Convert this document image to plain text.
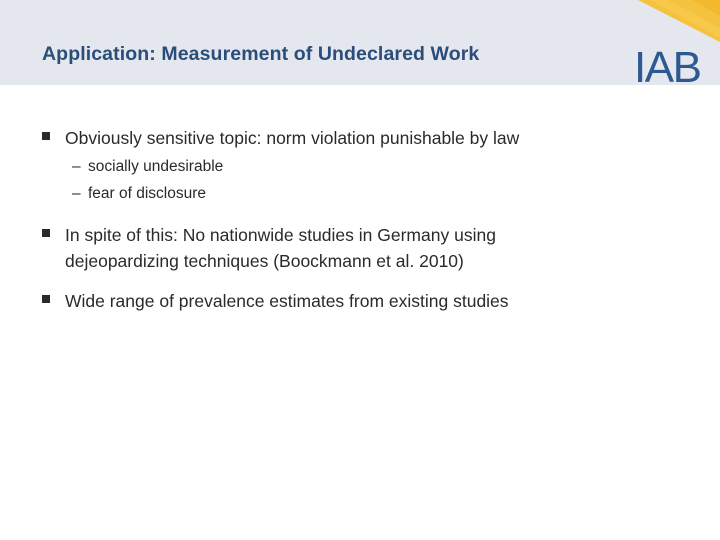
Application: Measurement of Undeclared Work	IAB
Obviously sensitive topic: norm violation punishable by law
– socially undesirable
– fear of disclosure
In spite of this: No nationwide studies in Germany using
dejeopardizing techniques (Boockmann et al. 2010)
Wide range of prevalence estimates from existing studies
